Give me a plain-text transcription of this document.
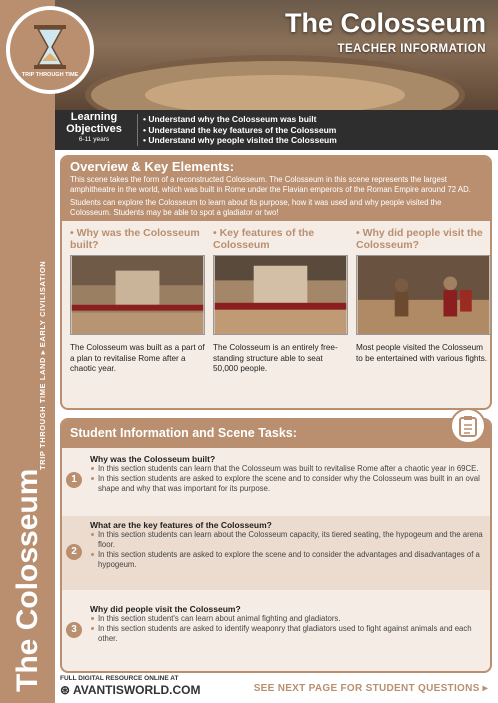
TRIP THROUGH TIME LAND ▸ EARLY CIVILISATION
The Colosseum
The Colosseum
TEACHER INFORMATION
TRIP THROUGH TIME
Learning
Objectives
6-11 years
• Understand why the Colosseum was built
• Understand the key features of the Colosseum
• Understand why people visited the Colosseum
Overview & Key Elements:

This scene takes the form of a reconstructed Colosseum. The Colosseum in this scene represents the largest amphitheatre in the world, which was built in Rome under the Flavian emperors of the Roman Empire around 72 AD.

Students can explore the Colosseum to learn about its purpose, how it was used and why people visited the Colosseum. Students may be able to spot a gladiator or two!

• Why was the Colosseum built?
The Colosseum was built as a part of a plan to revitalise Rome after a chaotic year.
• Key features of the Colosseum
The Colosseum is an entirely free-standing structure able to seat 50,000 people.
• Why did people visit the Colosseum?
Most people visited the Colosseum to be entertained with various fights.
Student Information and Scene Tasks:
1
Why was the Colosseum built?
In this section students can learn that the Colosseum was built to revitalise Rome after a chaotic year in 69CE.
In this section students are asked to explore the scene and to consider why the Colosseum was built in an oval shape and why that was important for its purpose.
2
What are the key features of the Colosseum?
In this section students can learn about the Colosseum capacity, its tiered seating, the hypogeum and the arena floor.
In this section students are asked to explore the scene and to consider the advantages and disadvantages of a hypogeum.
3
Why did people visit the Colosseum?
In this section student's can learn about animal fighting and gladiators.
In this section students are asked to identify weaponry that gladiators used to fight against animals and each other.
FULL DIGITAL RESOURCE ONLINE AT
⊛ AVANTISWORLD.COM	SEE NEXT PAGE FOR STUDENT QUESTIONS ▸
